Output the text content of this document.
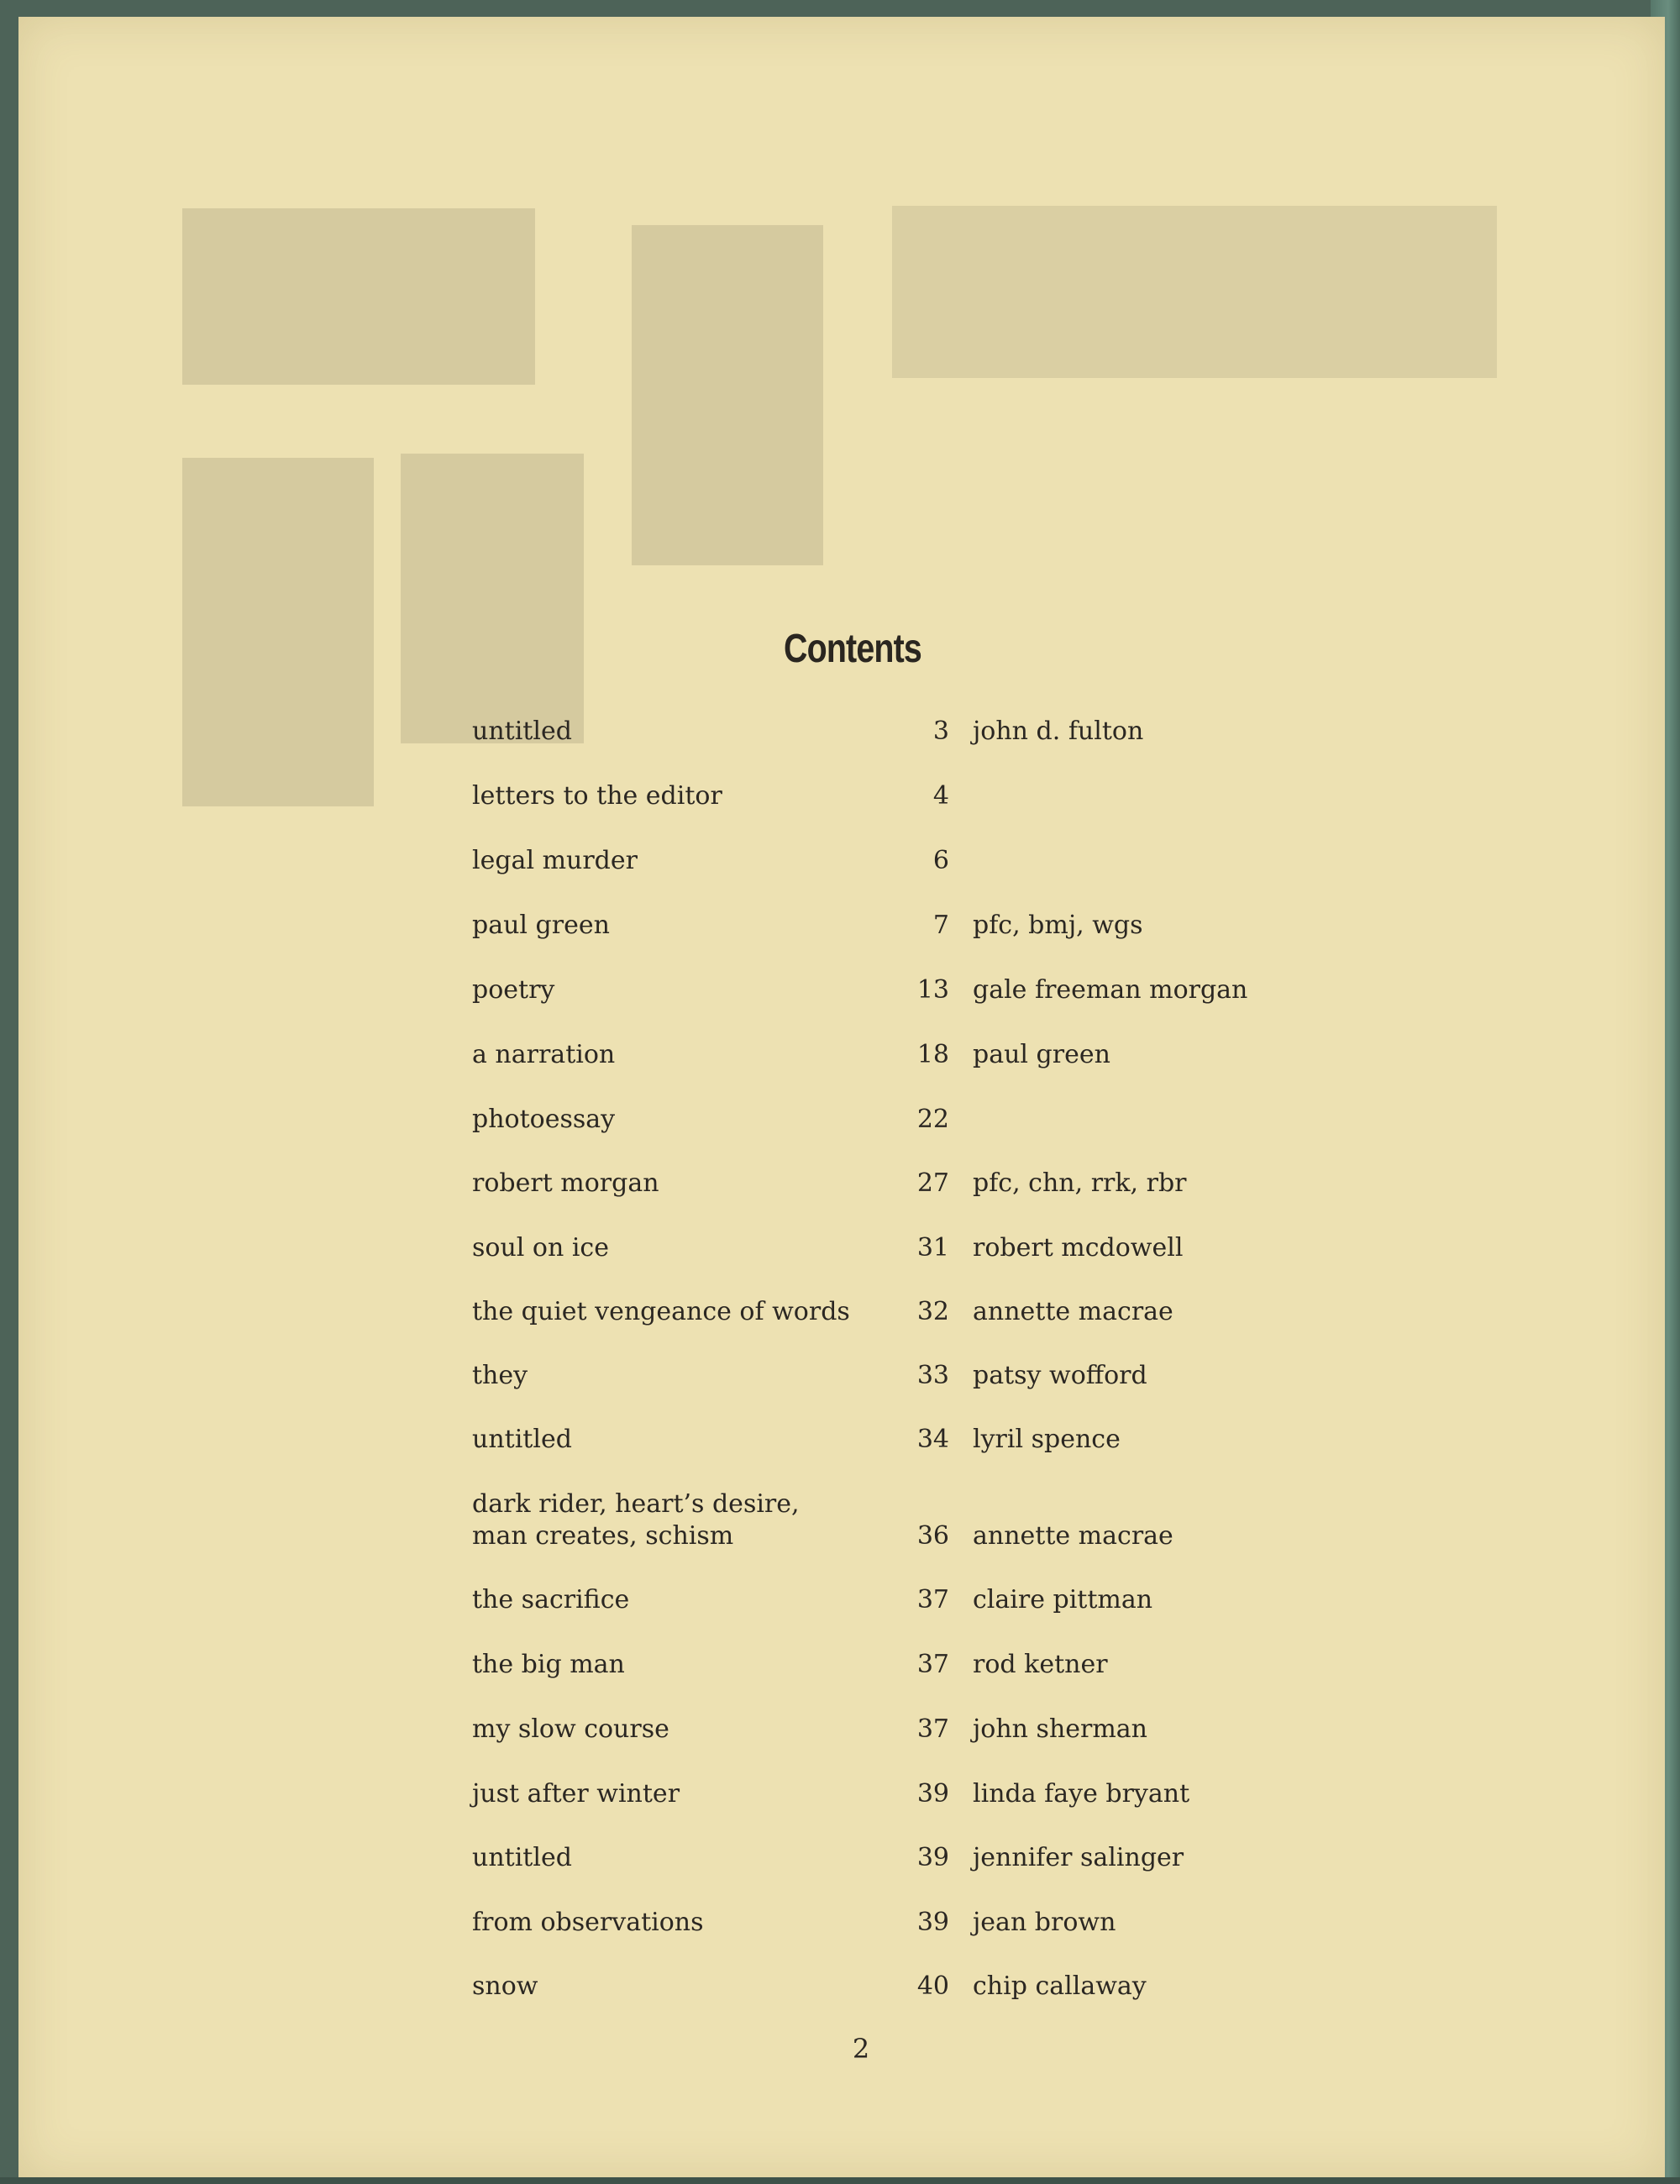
Contents
untitled	3 john d. fulton
letters to the editor	4
legal murder	6
paul green	7 pfc, bmj, wgs
poetry	13 gale freeman morgan
a narration	18 paul green
photoessay	22
robert morgan	27 pfc, chn, rrk, rbr
soul on ice	31 robert mcdowell
the quiet vengeance of words	32 annette macrae
they	33 patsy wofford
untitled	34 lyril spence
dark rider, heart’s desire,
man creates, schism	36 annette macrae
the sacrifice	37 claire pittman
the big man	37 rod ketner
my slow course	37 john sherman
just after winter	39 linda faye bryant
untitled	39 jennifer salinger
from observations	39 jean brown
snow	40 chip callaway
2
